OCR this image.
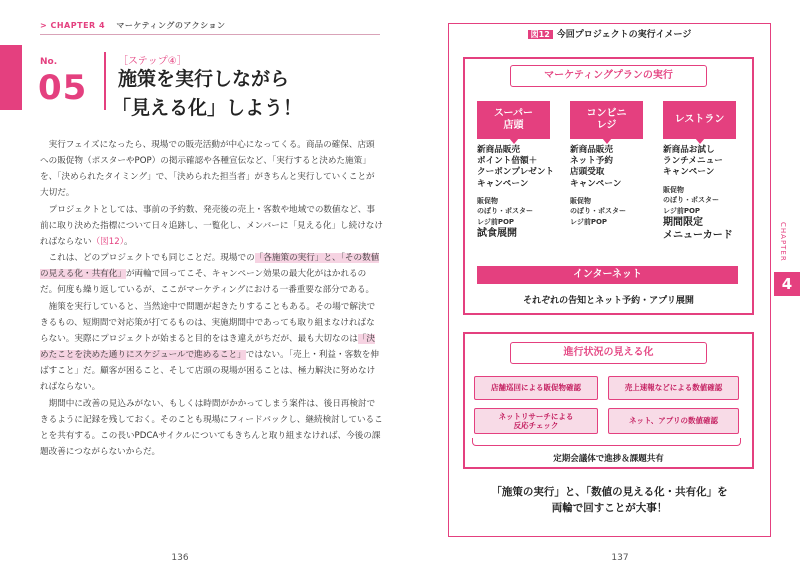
> CHAPTER 4 マーケティングのアクション
No.
05
［ステップ④］
施策を実行しながら
「見える化」しよう！

実行フェイズになったら、現場での販売活動が中心になってくる。商品の確保、店頭への販促物（ポスターやPOP）の掲示確認や各種宣伝など、「実行すると決めた施策」を、「決められたタイミング」で、「決められた担当者」がきちんと実行していくことが大切だ。

プロジェクトとしては、事前の予約数、発売後の売上・客数や地域での数値など、事前に取り決めた指標について日々追跡し、一覧化し、メンバーに「見える化」し続けなければならない（図12）。

これは、どのプロジェクトでも同じことだ。現場での「各施策の実行」と、「その数値の見える化・共有化」が両輪で回ってこそ、キャンペーン効果の最大化がはかれるのだ。何度も繰り返しているが、ここがマーケティングにおける一番重要な部分である。

施策を実行していると、当然途中で問題が起きたりすることもある。その場で解決できるもの、短期間で対応策が打てるものは、実施期間中であっても取り組まなければならない。実際にプロジェクトが始まると目的をはき違えがちだが、最も大切なのは「決めたことを決めた通りにスケジュールで進めること」ではない。「売上・利益・客数を伸ばすこと」だ。顧客が困ること、そして店頭の現場が困ることは、極力解決に努めなければならない。

期間中に改善の見込みがない、もしくは時間がかかってしまう案件は、後日再検討できるように記録を残しておく。そのことも現場にフィードバックし、継続検討していることを共有する。この長いPDCAサイクルについてもきちんと取り組まなければ、今後の課題改善につながらないからだ。

136
図12 今回プロジェクトの実行イメージ
マーケティングプランの実行
スーパー
店頭
コンビニ
レジ
レストラン
新商品販売
ポイント倍額＋
クーポンプレゼント
キャンペーン
販促物
のぼり・ポスター
レジ前POP
試食展開
新商品販売
ネット予約
店頭受取
キャンペーン
販促物
のぼり・ポスター
レジ前POP
新商品お試し
ランチメニュー
キャンペーン
販促物
のぼり・ポスター
レジ前POP
期間限定
メニューカード
インターネット
それぞれの告知とネット予約・アプリ展開
進行状況の見える化
店舗巡回による販促物確認	売上速報などによる数値確認
ネットリサーチによる
反応チェック
ネット、アプリの数値確認
定期会議体で進捗＆課題共有
「施策の実行」と、「数値の見える化・共有化」を
両輪で回すことが大事！
CHAPTER
4
137
